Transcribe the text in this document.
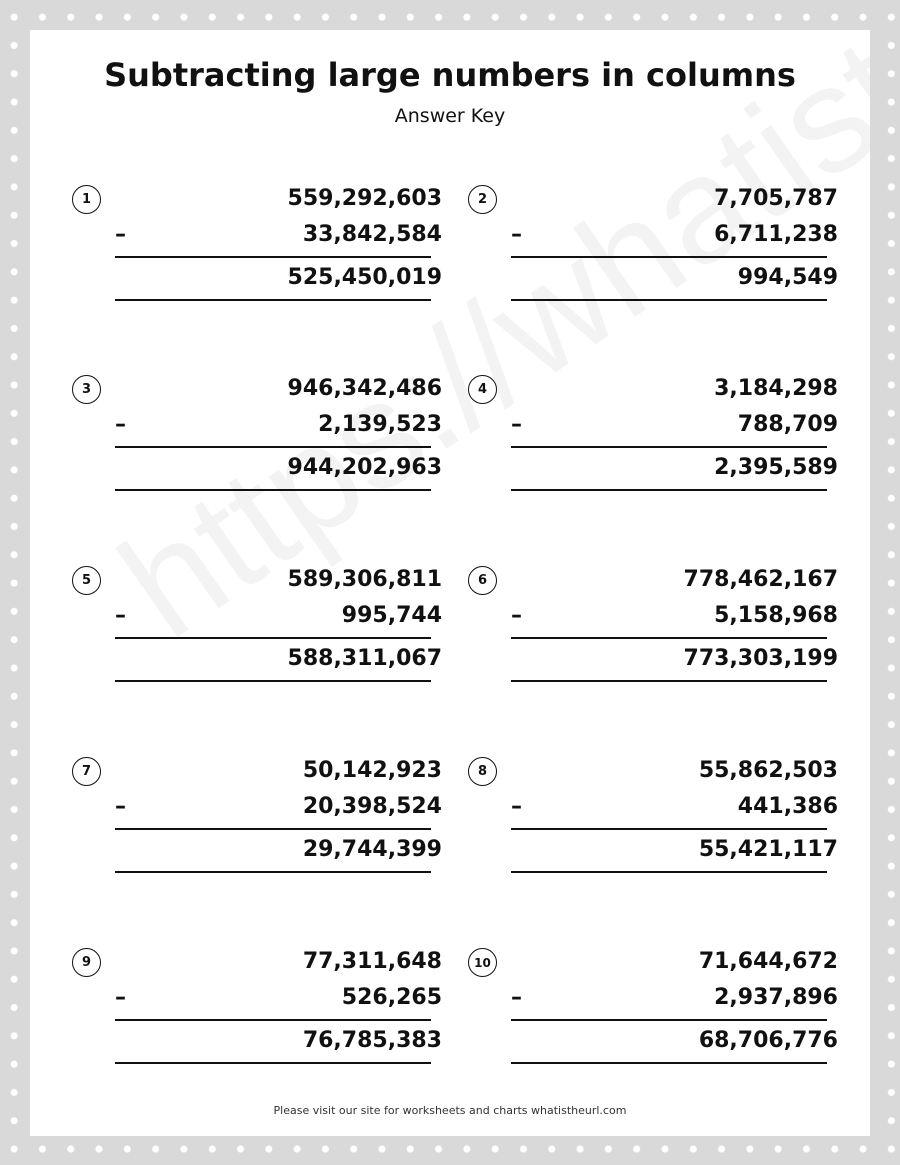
Subtracting large numbers in columns
Answer Key
1	559,292,603
–	33,842,584
525,450,019
2	7,705,787
–	6,711,238
994,549
3	946,342,486
–	2,139,523
944,202,963
4	3,184,298
–	788,709
2,395,589
5	589,306,811
–	995,744
588,311,067
6	778,462,167
–	5,158,968
773,303,199
7	50,142,923
–	20,398,524
29,744,399
8	55,862,503
–	441,386
55,421,117
9	77,311,648
–	526,265
76,785,383
10	71,644,672
–	2,937,896
68,706,776
Please visit our site for worksheets and charts whatistheurl.com
